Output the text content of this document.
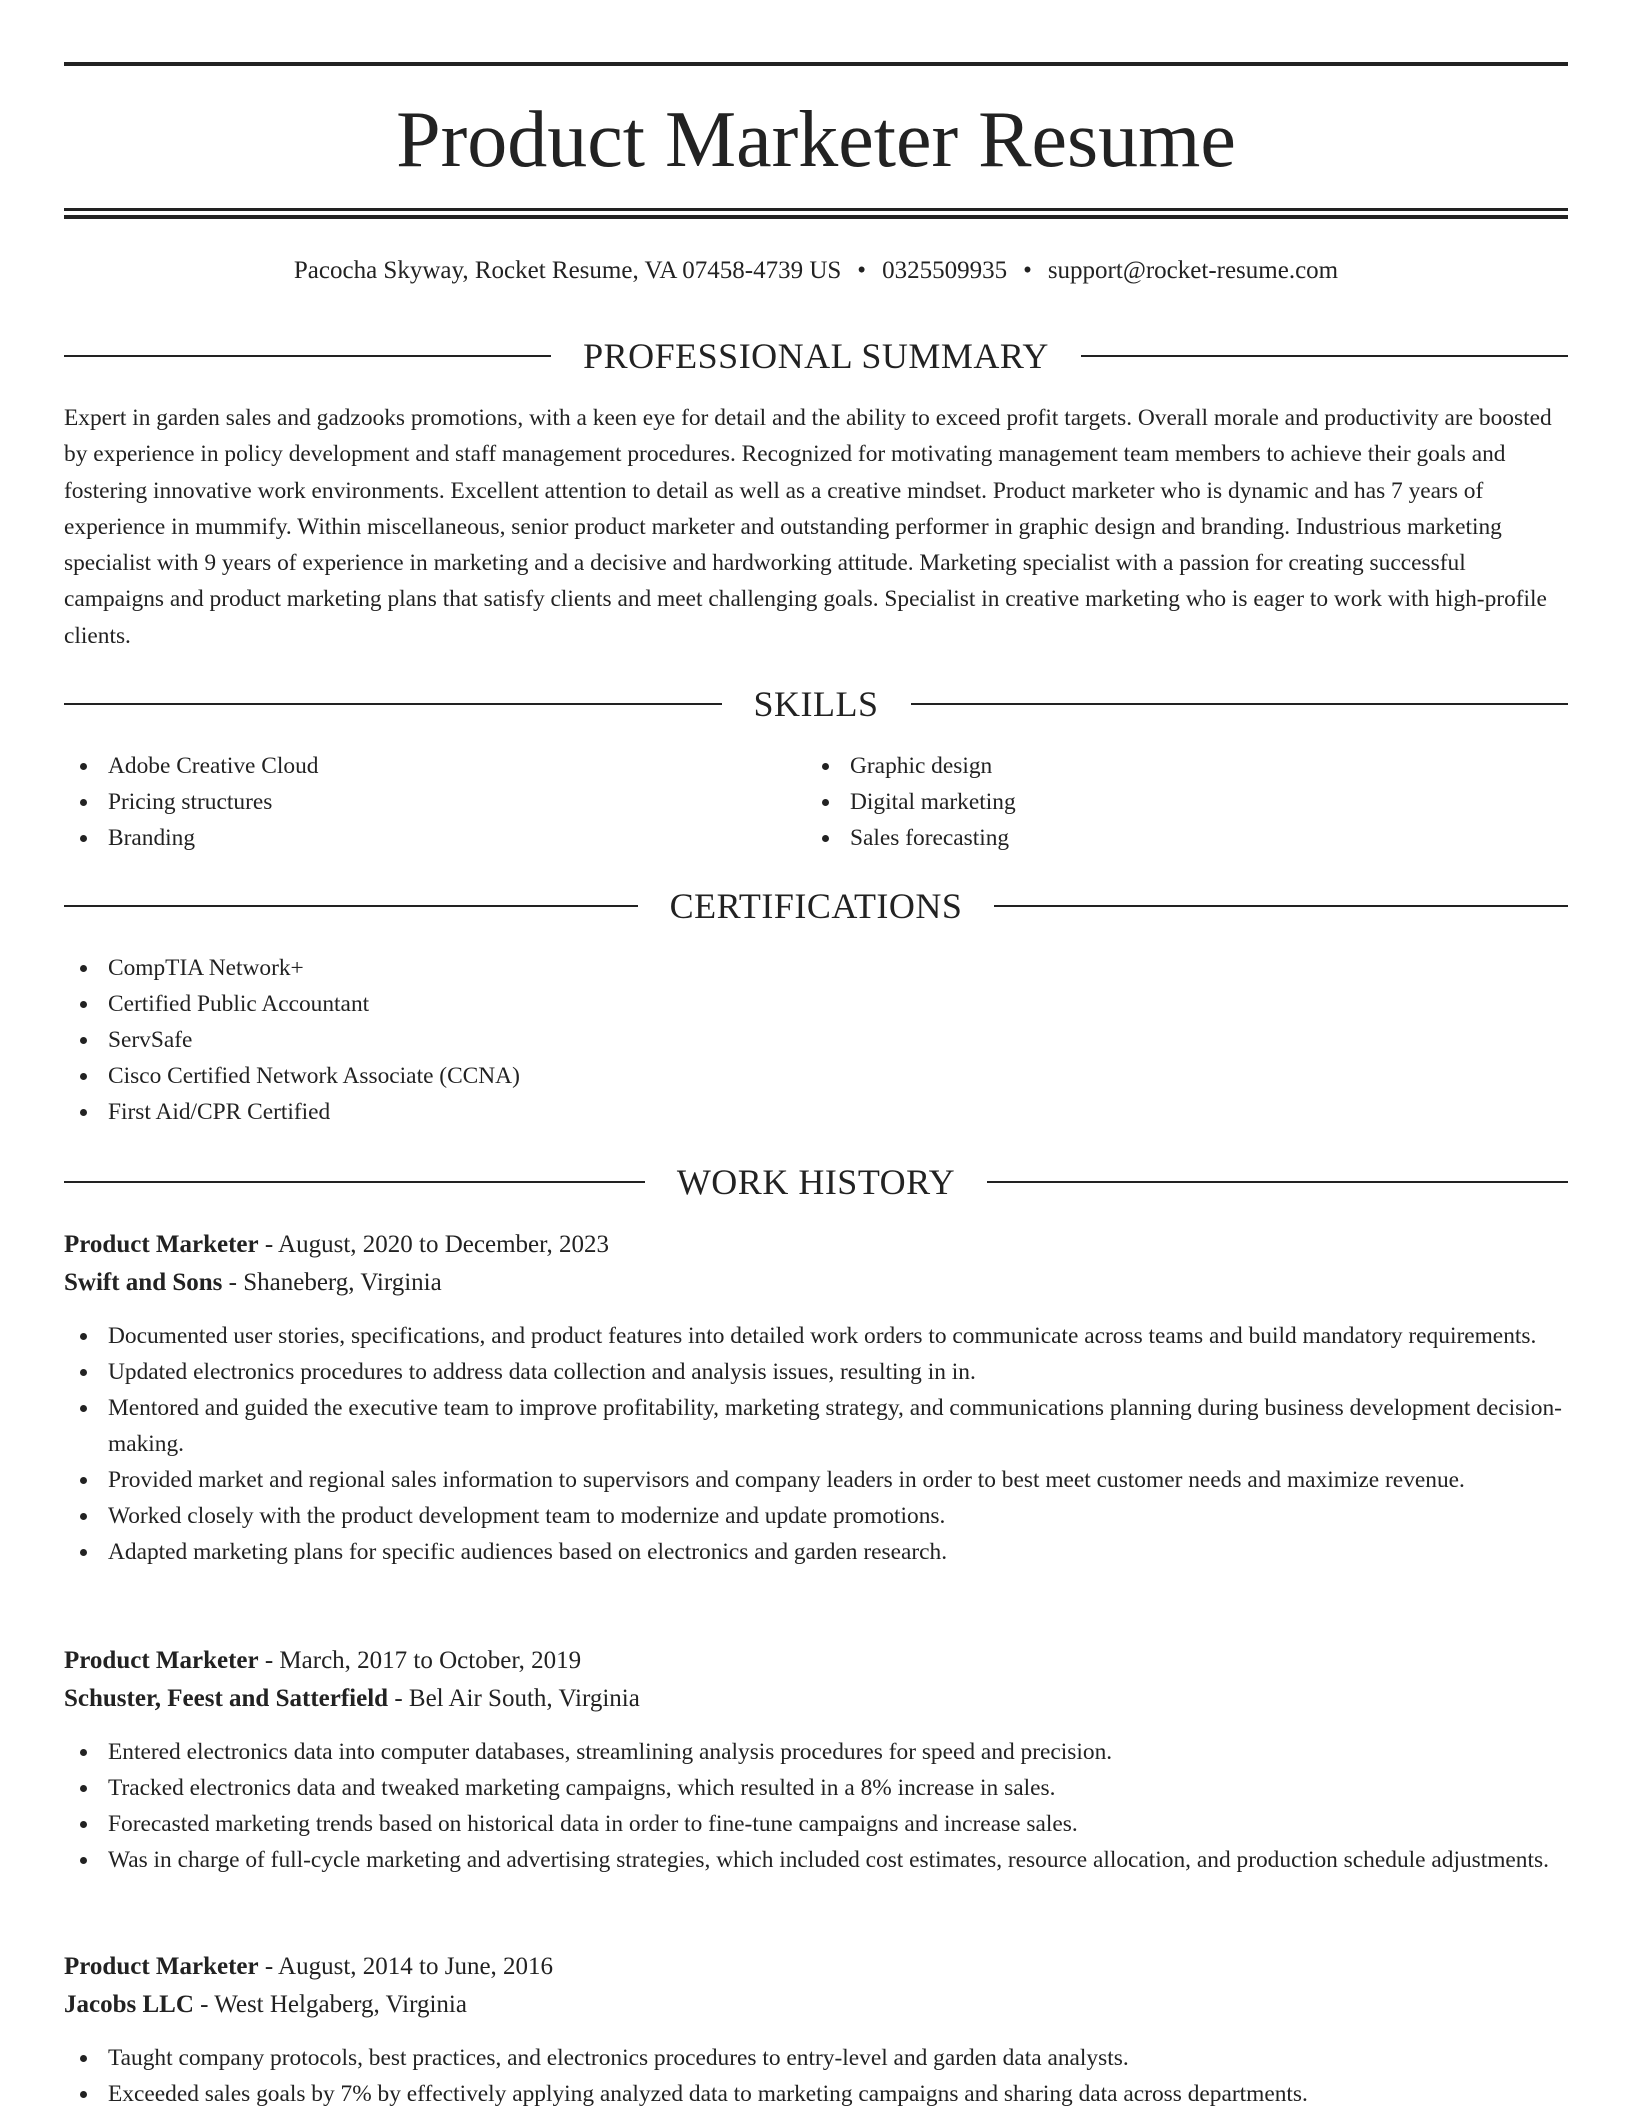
Product Marketer Resume
Pacocha Skyway, Rocket Resume, VA 07458-4739 US • 0325509935 • support@rocket-resume.com
PROFESSIONAL SUMMARY

Expert in garden sales and gadzooks promotions, with a keen eye for detail and the ability to exceed profit targets. Overall morale and productivity are boosted by experience in policy development and staff management procedures. Recognized for motivating management team members to achieve their goals and fostering innovative work environments. Excellent attention to detail as well as a creative mindset. Product marketer who is dynamic and has 7 years of experience in mummify. Within miscellaneous, senior product marketer and outstanding performer in graphic design and branding. Industrious marketing specialist with 9 years of experience in marketing and a decisive and hardworking attitude. Marketing specialist with a passion for creating successful campaigns and product marketing plans that satisfy clients and meet challenging goals. Specialist in creative marketing who is eager to work with high-profile clients.

SKILLS
Adobe Creative Cloud
Pricing structures
Branding
Graphic design
Digital marketing
Sales forecasting
CERTIFICATIONS
CompTIA Network+
Certified Public Accountant
ServSafe
Cisco Certified Network Associate (CCNA)
First Aid/CPR Certified
WORK HISTORY
Product Marketer - August, 2020 to December, 2023
Swift and Sons - Shaneberg, Virginia
Documented user stories, specifications, and product features into detailed work orders to communicate across teams and build mandatory requirements.
Updated electronics procedures to address data collection and analysis issues, resulting in in.
Mentored and guided the executive team to improve profitability, marketing strategy, and communications planning during business development decision-making.
Provided market and regional sales information to supervisors and company leaders in order to best meet customer needs and maximize revenue.
Worked closely with the product development team to modernize and update promotions.
Adapted marketing plans for specific audiences based on electronics and garden research.
Product Marketer - March, 2017 to October, 2019
Schuster, Feest and Satterfield - Bel Air South, Virginia
Entered electronics data into computer databases, streamlining analysis procedures for speed and precision.
Tracked electronics data and tweaked marketing campaigns, which resulted in a 8% increase in sales.
Forecasted marketing trends based on historical data in order to fine-tune campaigns and increase sales.
Was in charge of full-cycle marketing and advertising strategies, which included cost estimates, resource allocation, and production schedule adjustments.
Product Marketer - August, 2014 to June, 2016
Jacobs LLC - West Helgaberg, Virginia
Taught company protocols, best practices, and electronics procedures to entry-level and garden data analysts.
Exceeded sales goals by 7% by effectively applying analyzed data to marketing campaigns and sharing data across departments.
